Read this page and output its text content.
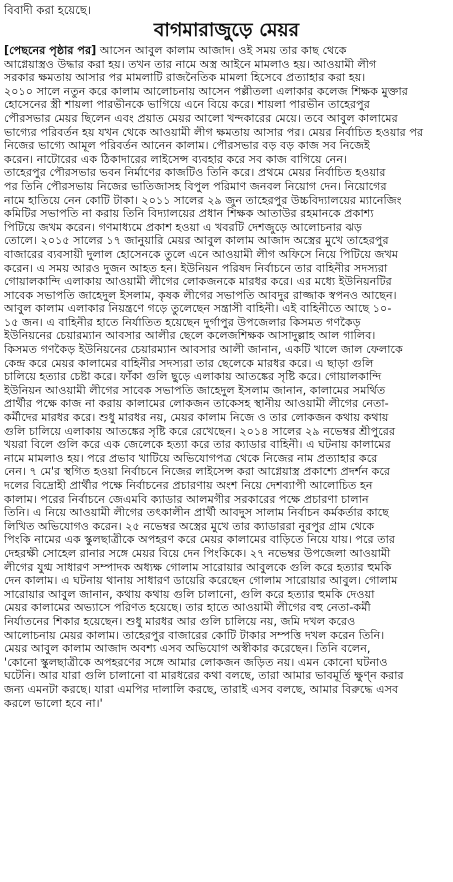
বিবাদী করা হয়েছে।
বাগমারাজুড়ে মেয়র
[পেছনের পৃষ্ঠার পর] আসেন আবুল কালাম আজাদ। ওই সময় তার কাছ থেকে
আগ্নেয়াস্ত্রও উদ্ধার করা হয়। তখন তার নামে অস্ত্র আইনে মামলাও হয়। আওয়ামী লীগ
সরকার ক্ষমতায় আসার পর মামলাটি রাজনৈতিক মামলা হিসেবে প্রত্যাহার করা হয়।
২০১০ সালে নতুন করে কালাম আলোচনায় আসেন পল্লীতলা এলাকার কলেজ শিক্ষক মুক্তার
হোসেনের স্ত্রী শায়লা পারভীনকে ভাগিয়ে এনে বিয়ে করে। শায়লা পারভীন তাহেরপুর
পৌরসভার মেয়র ছিলেন এবং প্রয়াত মেয়র আলো খন্দকারের মেয়ে। তবে আবুল কালামের
ভাগ্যের পরিবর্তন হয় যখন থেকে আওয়ামী লীগ ক্ষমতায় আসার পর। মেয়র নির্বাচিত হওয়ার পর
নিজের ভাগ্যে আমূল পরিবর্তন আনেন কালাম। পৌরসভার বড় বড় কাজ সব নিজেই
করেন। নাটোরের এক ঠিকাদারের লাইসেন্স ব্যবহার করে সব কাজ বাগিয়ে নেন।
তাহেরপুর পৌরসভার ভবন নির্মাণের কাজটিও তিনি করে। প্রথমে মেয়র নির্বাচিত হওয়ার
পর তিনি পৌরসভায় নিজের ভাতিজাসহ বিপুল পরিমাণ জনবল নিয়োগ দেন। নিয়োগের
নামে হাতিয়ে নেন কোটি টাকা। ২০১১ সালের ২৯ জুন তাহেরপুর উচ্চবিদ্যালয়ের ম্যানেজিং
কমিটির সভাপতি না করায় তিনি বিদ্যালয়ের প্রধান শিক্ষক আতাউর রহমানকে প্রকাশ্য
পিটিয়ে জখম করেন। গণমাধ্যমে প্রকাশ হওয়া এ খবরটি দেশজুড়ে আলোচনার ঝড়
তোলে। ২০১৫ সালের ১৭ জানুয়ারি মেয়র আবুল কালাম আজাদ অস্ত্রের মুখে তাহেরপুর
বাজারের ব্যবসায়ী দুলাল হোসেনকে তুলে এনে আওয়ামী লীগ অফিসে নিয়ে পিটিয়ে জখম
করেন। এ সময় আরও দুজন আহত হন। ইউনিয়ন পরিষদ নির্বাচনে তার বাহিনীর সদস্যরা
গোয়ালকান্দি এলাকায় আওয়ামী লীগের লোকজনকে মারধর করে। এর মধ্যে ইউনিয়নটির
সাবেক সভাপতি জাহেদুল ইসলাম, কৃষক লীগের সভাপতি আবদুর রাজ্জাক স্বপনও আছেন।
আবুল কালাম এলাকার নিয়ন্ত্রণে গড়ে তুলেছেন সন্ত্রাসী বাহিনী। এই বাহিনীতে আছে ১০-
১৫ জন। এ বাহিনীর হাতে নির্যাতিত হয়েছেন দুর্গাপুর উপজেলার কিসমত গণকৈড়
ইউনিয়নের চেয়ারম্যান আবসার আলীর ছেলে কলেজশিক্ষক আসাদুল্লাহ আল গালিব।
কিসমত গণকৈড় ইউনিয়নের চেয়ারম্যান আবসার আলী জানান, একটি খালে জাল ফেলাকে
কেন্দ্র করে মেয়র কালামের বাহিনীর সদস্যরা তার ছেলেকে মারধর করে। এ ছাড়া গুলি
চালিয়ে হত্যার চেষ্টা করে। ফাঁকা গুলি ছুড়ে এলাকায় আতঙ্কের সৃষ্টি করে। গোয়ালকান্দি
ইউনিয়ন আওয়ামী লীগের সাবেক সভাপতি জাহেদুল ইসলাম জানান, কালামের সমর্থিত
প্রার্থীর পক্ষে কাজ না করায় কালামের লোকজন তাকেসহ স্থানীয় আওয়ামী লীগের নেতা-
কর্মীদের মারধর করে। শুধু মারধর নয়, মেয়র কালাম নিজে ও তার লোকজন কথায় কথায়
গুলি চালিয়ে এলাকায় আতঙ্কের সৃষ্টি করে রেখেছেন। ২০১৪ সালের ২৯ নভেম্বর শ্রীপুরের
খয়রা বিলে গুলি করে এক জেলেকে হত্যা করে তার ক্যাডার বাহিনী। এ ঘটনায় কালামের
নামে মামলাও হয়। পরে প্রভাব খাটিয়ে অভিযোগপত্র থেকে নিজের নাম প্রত্যাহার করে
নেন। ৭ মে'র স্থগিত হওয়া নির্বাচনে নিজের লাইসেন্স করা আগ্নেয়াস্ত্র প্রকাশ্যে প্রদর্শন করে
দলের বিদ্রোহী প্রার্থীর পক্ষে নির্বাচনের প্রচারণায় অংশ নিয়ে দেশব্যাপী আলোচিত হন
কালাম। পরের নির্বাচনে জেএমবি ক্যাডার আলমগীর সরকারের পক্ষে প্রচারণা চালান
তিনি। এ নিয়ে আওয়ামী লীগের তৎকালীন প্রার্থী আবদুস সালাম নির্বাচন কর্মকর্তার কাছে
লিখিত অভিযোগও করেন। ২৫ নভেম্বর অস্ত্রের মুখে তার ক্যাডাররা নুরপুর গ্রাম থেকে
পিংকি নামের এক স্কুলছাত্রীকে অপহরণ করে মেয়র কালামের বাড়িতে নিয়ে যায়। পরে তার
দেহরক্ষী সোহেল রানার সঙ্গে মেয়র বিয়ে দেন পিংকিকে। ২৭ নভেম্বর উপজেলা আওয়ামী
লীগের যুগ্ম সাধারণ সম্পাদক অধ্যক্ষ গোলাম সারোয়ার আবুলকে গুলি করে হত্যার হুমকি
দেন কালাম। এ ঘটনায় থানায় সাধারণ ডায়েরি করেছেন গোলাম সারোয়ার আবুল। গোলাম
সারোয়ার আবুল জানান, কথায় কথায় গুলি চালানো, গুলি করে হত্যার হুমকি দেওয়া
মেয়র কালামের অভ্যাসে পরিণত হয়েছে। তার হাতে আওয়ামী লীগের বহু নেতা-কর্মী
নির্যাতনের শিকার হয়েছেন। শুধু মারধর আর গুলি চালিয়ে নয়, জমি দখল করেও
আলোচনায় মেয়র কালাম। তাহেরপুর বাজারের কোটি টাকার সম্পত্তি দখল করেন তিনি।
মেয়র আবুল কালাম আজাদ অবশ্য এসব অভিযোগ অস্বীকার করেছেন। তিনি বলেন,
'কোনো স্কুলছাত্রীকে অপহরণের সঙ্গে আমার লোকজন জড়িত নয়। এমন কোনো ঘটনাও
ঘটেনি। আর যারা গুলি চালানো বা মারধরের কথা বলছে, তারা আমার ভাবমূর্তি ক্ষুণ্ন করার
জন্য এমনটা করছে। যারা এমপির দালালি করছে, তারাই এসব বলছে, আমার বিরুদ্ধে এসব
করলে ভালো হবে না।'
